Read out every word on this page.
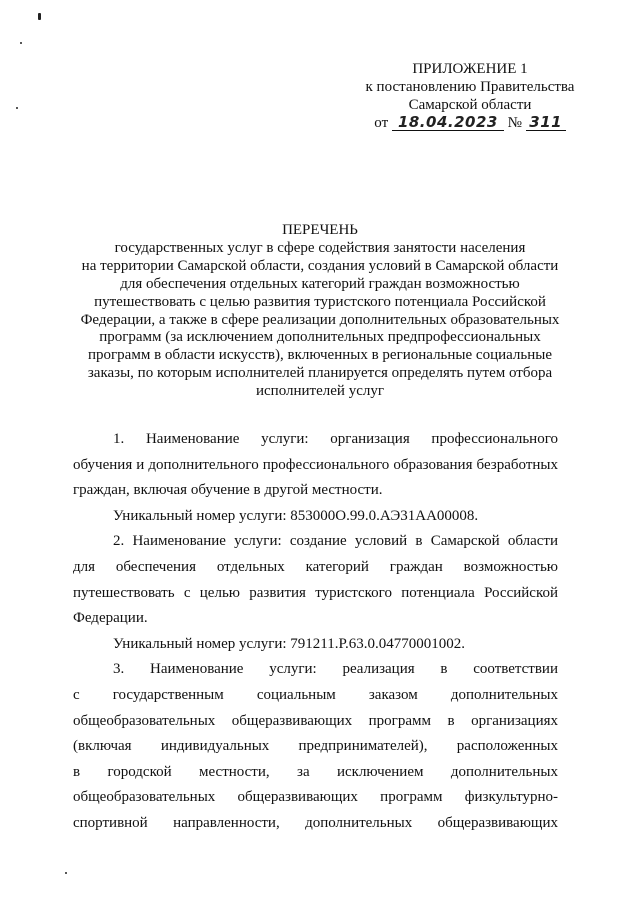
ПРИЛОЖЕНИЕ 1
к постановлению Правительства
Самарской области
от 18.04.2023 № 311
ПЕРЕЧЕНЬ
государственных услуг в сфере содействия занятости населения
на территории Самарской области, создания условий в Самарской области
для обеспечения отдельных категорий граждан возможностью
путешествовать с целью развития туристского потенциала Российской
Федерации, а также в сфере реализации дополнительных образовательных
программ (за исключением дополнительных предпрофессиональных
программ в области искусств), включенных в региональные социальные
заказы, по которым исполнителей планируется определять путем отбора
исполнителей услуг
1. Наименование услуги: организация профессионального
обучения и дополнительного профессионального образования безработных
граждан, включая обучение в другой местности.
Уникальный номер услуги: 853000О.99.0.АЭ31АА00008.
2. Наименование услуги: создание условий в Самарской области
для обеспечения отдельных категорий граждан возможностью
путешествовать с целью развития туристского потенциала Российской
Федерации.
Уникальный номер услуги: 791211.Р.63.0.04770001002.
3. Наименование услуги: реализация в соответствии
с государственным социальным заказом дополнительных
общеобразовательных общеразвивающих программ в организациях
(включая индивидуальных предпринимателей), расположенных
в городской местности, за исключением дополнительных
общеобразовательных общеразвивающих программ физкультурно-
спортивной направленности, дополнительных общеразвивающих
